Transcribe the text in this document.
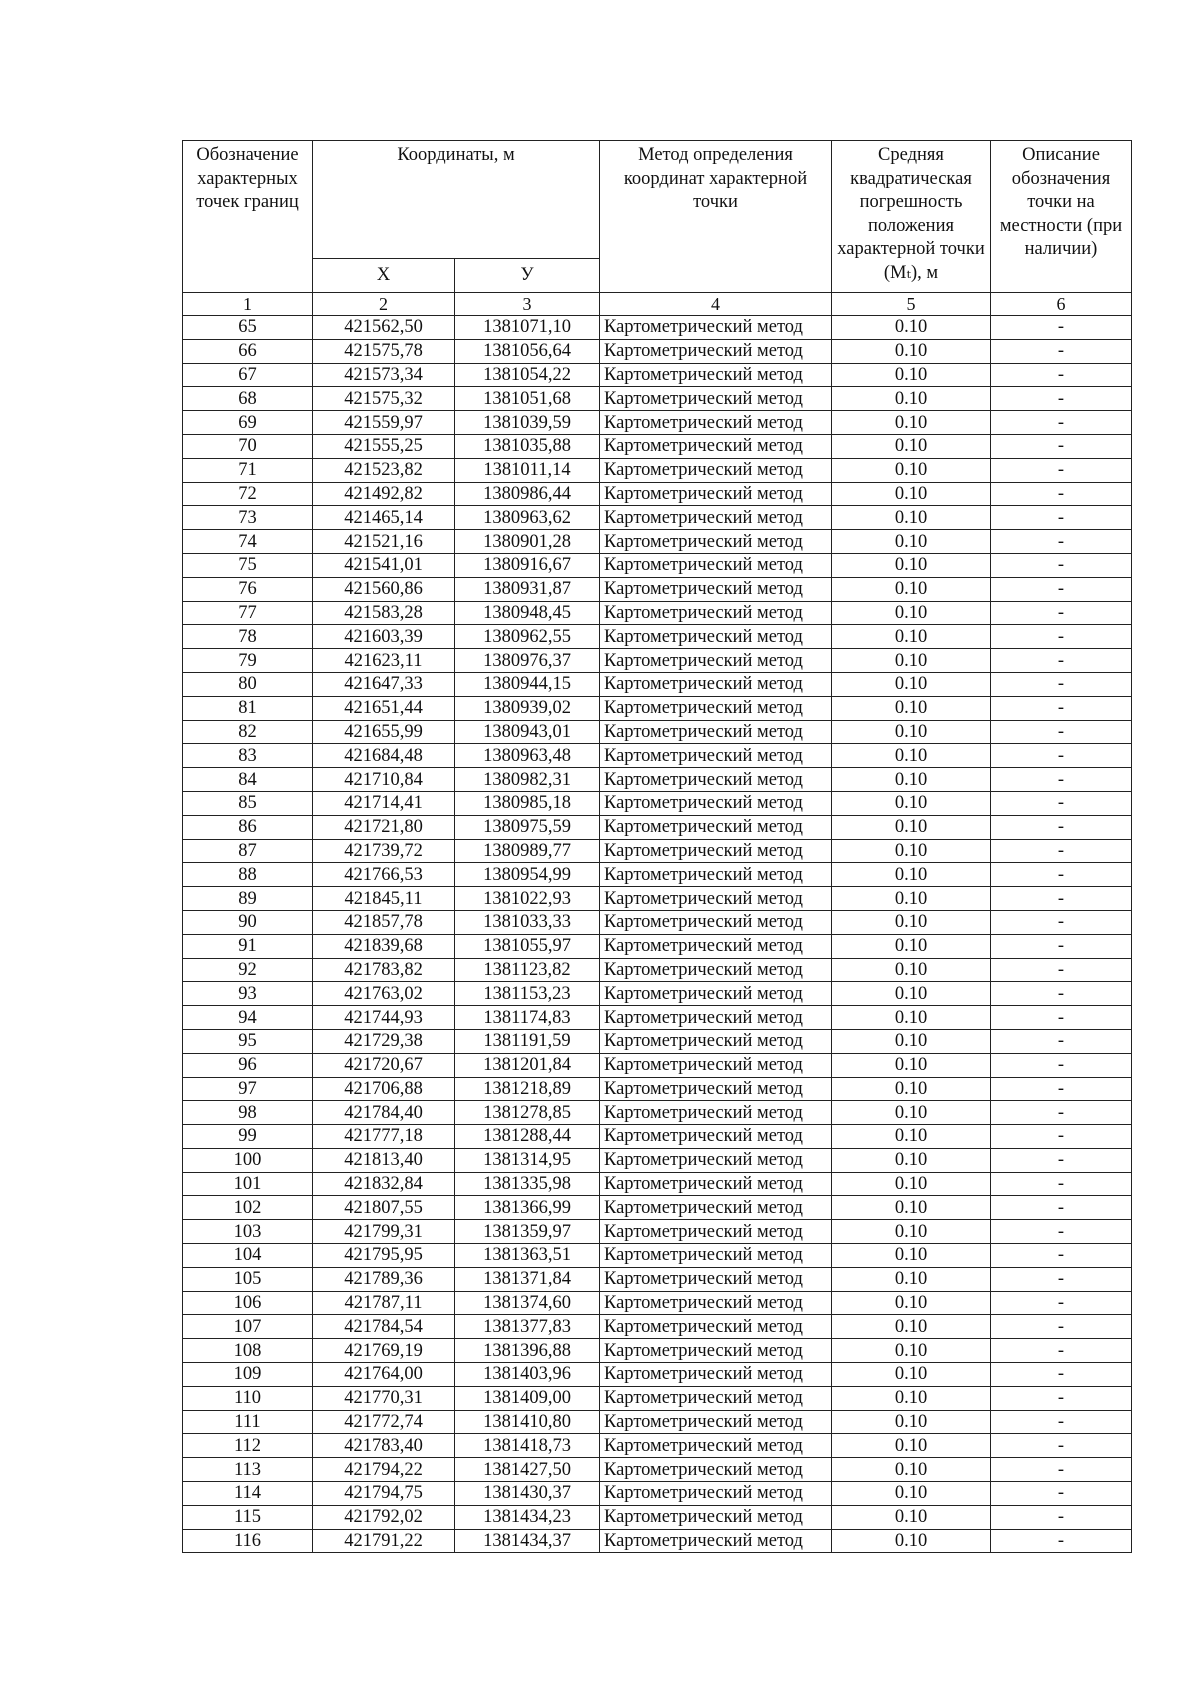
Обозначение характерных точек границ	Координаты, м		Метод определения координат характерной точки	Средняя квадратическая погрешность положения характерной точки (Mₜ), м	Описание обозначения точки на местности (при наличии)
	X	У			
1	2	3	4	5	6
65	421562,50	1381071,10	Картометрический метод	0.10	-
66	421575,78	1381056,64	Картометрический метод	0.10	-
67	421573,34	1381054,22	Картометрический метод	0.10	-
68	421575,32	1381051,68	Картометрический метод	0.10	-
69	421559,97	1381039,59	Картометрический метод	0.10	-
70	421555,25	1381035,88	Картометрический метод	0.10	-
71	421523,82	1381011,14	Картометрический метод	0.10	-
72	421492,82	1380986,44	Картометрический метод	0.10	-
73	421465,14	1380963,62	Картометрический метод	0.10	-
74	421521,16	1380901,28	Картометрический метод	0.10	-
75	421541,01	1380916,67	Картометрический метод	0.10	-
76	421560,86	1380931,87	Картометрический метод	0.10	-
77	421583,28	1380948,45	Картометрический метод	0.10	-
78	421603,39	1380962,55	Картометрический метод	0.10	-
79	421623,11	1380976,37	Картометрический метод	0.10	-
80	421647,33	1380944,15	Картометрический метод	0.10	-
81	421651,44	1380939,02	Картометрический метод	0.10	-
82	421655,99	1380943,01	Картометрический метод	0.10	-
83	421684,48	1380963,48	Картометрический метод	0.10	-
84	421710,84	1380982,31	Картометрический метод	0.10	-
85	421714,41	1380985,18	Картометрический метод	0.10	-
86	421721,80	1380975,59	Картометрический метод	0.10	-
87	421739,72	1380989,77	Картометрический метод	0.10	-
88	421766,53	1380954,99	Картометрический метод	0.10	-
89	421845,11	1381022,93	Картометрический метод	0.10	-
90	421857,78	1381033,33	Картометрический метод	0.10	-
91	421839,68	1381055,97	Картометрический метод	0.10	-
92	421783,82	1381123,82	Картометрический метод	0.10	-
93	421763,02	1381153,23	Картометрический метод	0.10	-
94	421744,93	1381174,83	Картометрический метод	0.10	-
95	421729,38	1381191,59	Картометрический метод	0.10	-
96	421720,67	1381201,84	Картометрический метод	0.10	-
97	421706,88	1381218,89	Картометрический метод	0.10	-
98	421784,40	1381278,85	Картометрический метод	0.10	-
99	421777,18	1381288,44	Картометрический метод	0.10	-
100	421813,40	1381314,95	Картометрический метод	0.10	-
101	421832,84	1381335,98	Картометрический метод	0.10	-
102	421807,55	1381366,99	Картометрический метод	0.10	-
103	421799,31	1381359,97	Картометрический метод	0.10	-
104	421795,95	1381363,51	Картометрический метод	0.10	-
105	421789,36	1381371,84	Картометрический метод	0.10	-
106	421787,11	1381374,60	Картометрический метод	0.10	-
107	421784,54	1381377,83	Картометрический метод	0.10	-
108	421769,19	1381396,88	Картометрический метод	0.10	-
109	421764,00	1381403,96	Картометрический метод	0.10	-
110	421770,31	1381409,00	Картометрический метод	0.10	-
111	421772,74	1381410,80	Картометрический метод	0.10	-
112	421783,40	1381418,73	Картометрический метод	0.10	-
113	421794,22	1381427,50	Картометрический метод	0.10	-
114	421794,75	1381430,37	Картометрический метод	0.10	-
115	421792,02	1381434,23	Картометрический метод	0.10	-
116	421791,22	1381434,37	Картометрический метод	0.10	-
